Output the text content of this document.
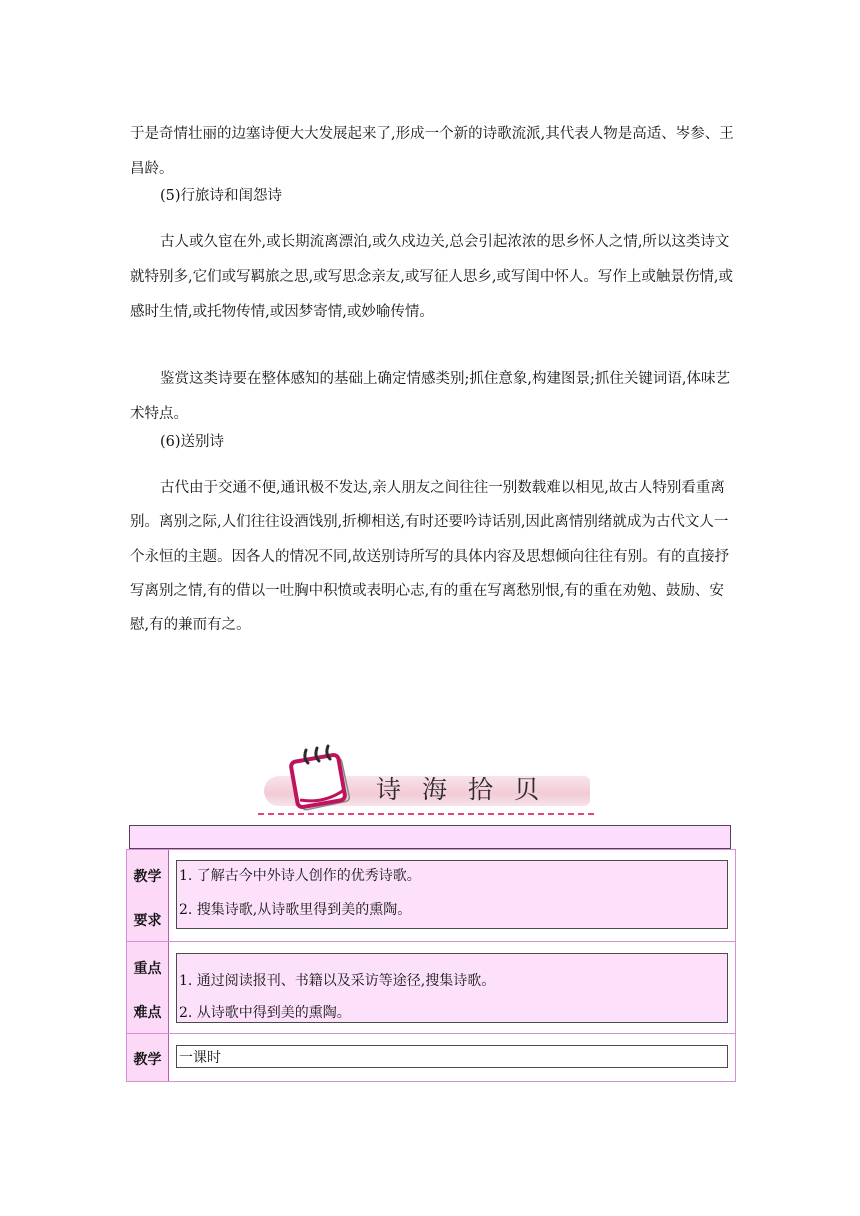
于是奇情壮丽的边塞诗便大大发展起来了,形成一个新的诗歌流派,其代表人物是高适、岑参、王昌龄。

(5)行旅诗和闺怨诗

古人或久宦在外,或长期流离漂泊,或久戍边关,总会引起浓浓的思乡怀人之情,所以这类诗文就特别多,它们或写羁旅之思,或写思念亲友,或写征人思乡,或写闺中怀人。写作上或触景伤情,或感时生情,或托物传情,或因梦寄情,或妙喻传情。

鉴赏这类诗要在整体感知的基础上确定情感类别;抓住意象,构建图景;抓住关键词语,体味艺术特点。

(6)送别诗

古代由于交通不便,通讯极不发达,亲人朋友之间往往一别数载难以相见,故古人特别看重离别。离别之际,人们往往设酒饯别,折柳相送,有时还要吟诗话别,因此离情别绪就成为古代文人一个永恒的主题。因各人的情况不同,故送别诗所写的具体内容及思想倾向往往有别。有的直接抒写离别之情,有的借以一吐胸中积愤或表明心志,有的重在写离愁别恨,有的重在劝勉、鼓励、安慰,有的兼而有之。

诗海拾贝
教学
要求
1. 了解古今中外诗人创作的优秀诗歌。
2. 搜集诗歌,从诗歌里得到美的熏陶。
重点
难点
1. 通过阅读报刊、书籍以及采访等途径,搜集诗歌。
2. 从诗歌中得到美的熏陶。
教学	一课时
